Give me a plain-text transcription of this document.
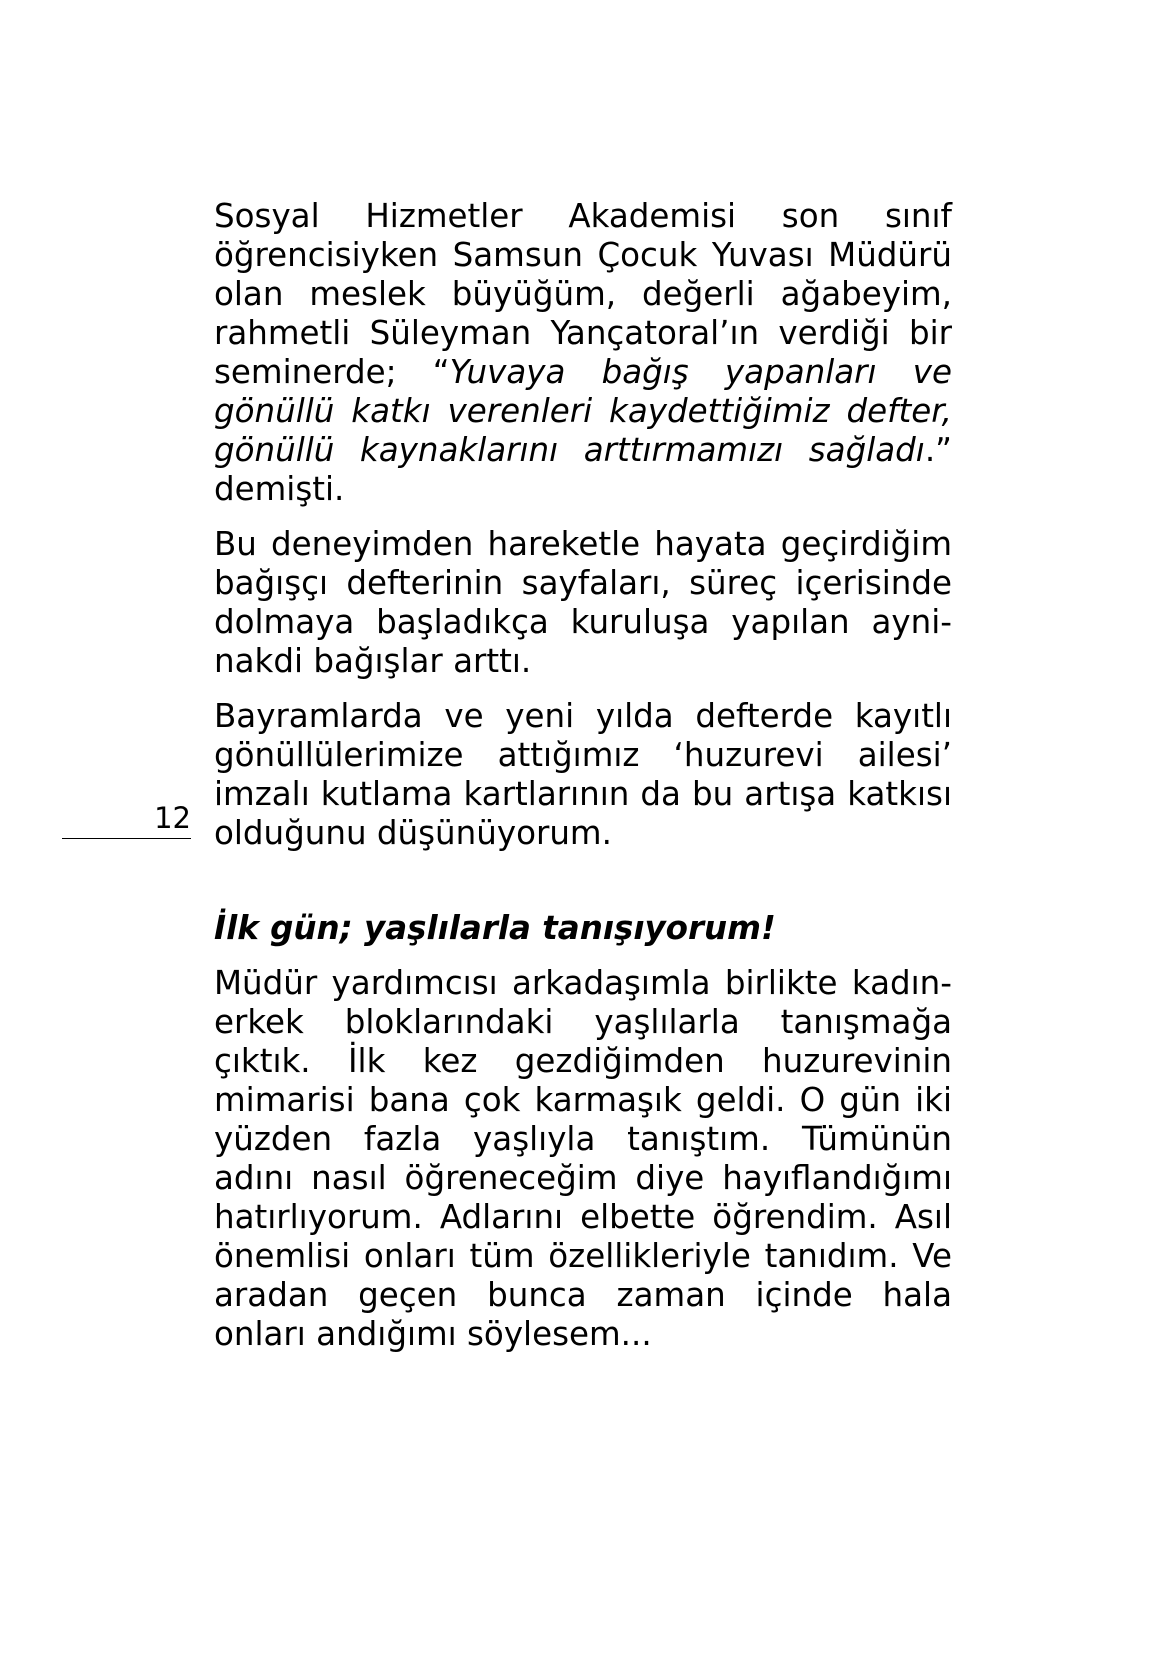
Sosyal Hizmetler Akademisi son sınıf öğrencisiyken Samsun Çocuk Yuvası Müdürü olan meslek büyüğüm, değerli ağabeyim, rahmetli Süleyman Yançatoral’ın verdiği bir seminerde; “Yuvaya bağış yapanları ve gönüllü katkı verenleri kaydettiğimiz defter, gönüllü kaynaklarını arttırmamızı sağladı.” demişti.

Bu deneyimden hareketle hayata geçirdiğim bağışçı defterinin sayfaları, süreç içerisinde dolmaya başladıkça kuruluşa yapılan ayni-nakdi bağışlar arttı.

Bayramlarda ve yeni yılda defterde kayıtlı gönüllülerimize attığımız ‘huzurevi ailesi’ imzalı kutlama kartlarının da bu artışa katkısı olduğunu düşünüyorum.

İlk gün; yaşlılarla tanışıyorum!

Müdür yardımcısı arkadaşımla birlikte kadın-erkek bloklarındaki yaşlılarla tanışmağa çıktık. İlk kez gezdiğimden huzurevinin mimarisi bana çok karmaşık geldi. O gün iki yüzden fazla yaşlıyla tanıştım. Tümünün adını nasıl öğreneceğim diye hayıflandığımı hatırlıyorum. Adlarını elbette öğrendim. Asıl önemlisi onları tüm özellikleriyle tanıdım. Ve aradan geçen bunca zaman içinde hala onları andığımı söylesem...

12
